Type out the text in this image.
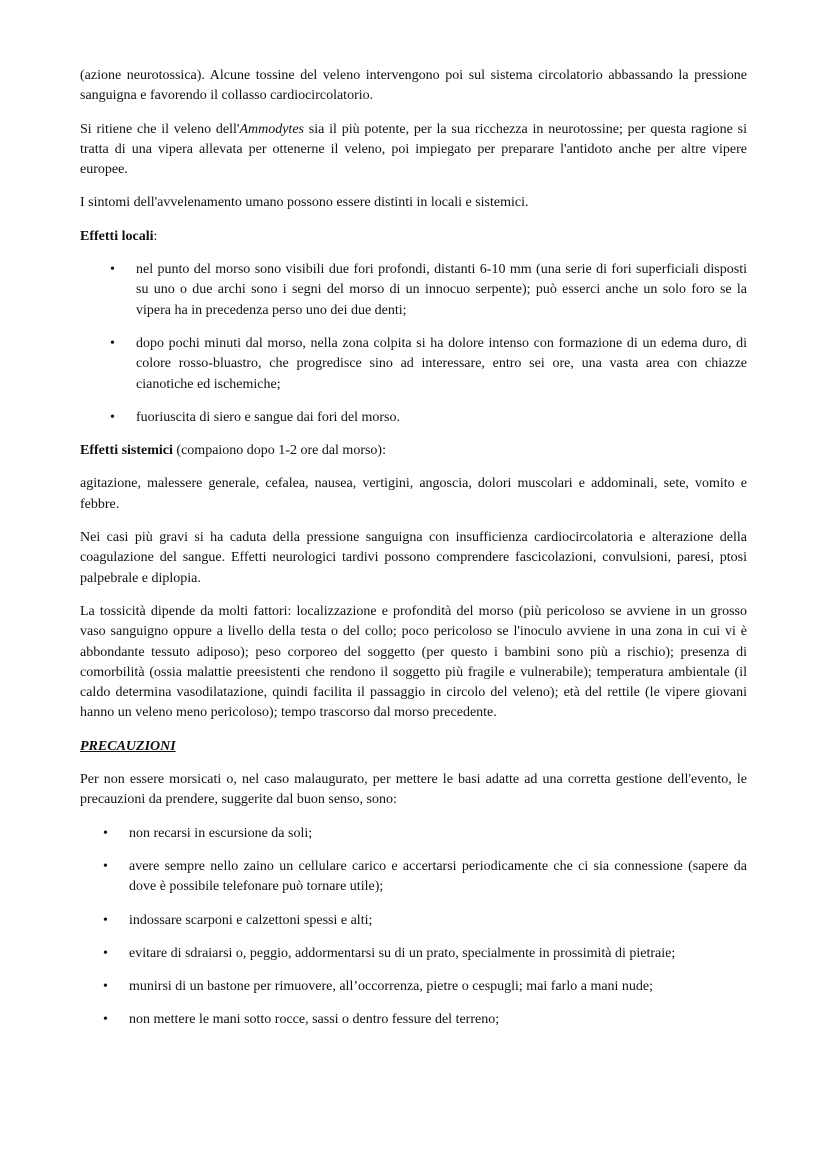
(azione neurotossica). Alcune tossine del veleno intervengono poi sul sistema circolatorio abbassando la pressione sanguigna e favorendo il collasso cardiocircolatorio.

Si ritiene che il veleno dell'Ammodytes sia il più potente, per la sua ricchezza in neurotossine; per questa ragione si tratta di una vipera allevata per ottenerne il veleno, poi impiegato per preparare l'antidoto anche per altre vipere europee.

I sintomi dell'avvelenamento umano possono essere distinti in locali e sistemici.

Effetti locali:

• nel punto del morso sono visibili due fori profondi, distanti 6-10 mm (una serie di fori superficiali disposti su uno o due archi sono i segni del morso di un innocuo serpente); può esserci anche un solo foro se la vipera ha in precedenza perso uno dei due denti;
• dopo pochi minuti dal morso, nella zona colpita si ha dolore intenso con formazione di un edema duro, di colore rosso-bluastro, che progredisce sino ad interessare, entro sei ore, una vasta area con chiazze cianotiche ed ischemiche;
• fuoriuscita di siero e sangue dai fori del morso.

Effetti sistemici (compaiono dopo 1-2 ore dal morso):

agitazione, malessere generale, cefalea, nausea, vertigini, angoscia, dolori muscolari e addominali, sete, vomito e febbre.

Nei casi più gravi si ha caduta della pressione sanguigna con insufficienza cardiocircolatoria e alterazione della coagulazione del sangue. Effetti neurologici tardivi possono comprendere fascicolazioni, convulsioni, paresi, ptosi palpebrale e diplopia.

La tossicità dipende da molti fattori: localizzazione e profondità del morso (più pericoloso se avviene in un grosso vaso sanguigno oppure a livello della testa o del collo; poco pericoloso se l'inoculo avviene in una zona in cui vi è abbondante tessuto adiposo); peso corporeo del soggetto (per questo i bambini sono più a rischio); presenza di comorbilità (ossia malattie preesistenti che rendono il soggetto più fragile e vulnerabile); temperatura ambientale (il caldo determina vasodilatazione, quindi facilita il passaggio in circolo del veleno); età del rettile (le vipere giovani hanno un veleno meno pericoloso); tempo trascorso dal morso precedente.

PRECAUZIONI

Per non essere morsicati o, nel caso malaugurato, per mettere le basi adatte ad una corretta gestione dell'evento, le precauzioni da prendere, suggerite dal buon senso, sono:

• non recarsi in escursione da soli;
• avere sempre nello zaino un cellulare carico e accertarsi periodicamente che ci sia connessione (sapere da dove è possibile telefonare può tornare utile);
• indossare scarponi e calzettoni spessi e alti;
• evitare di sdraiarsi o, peggio, addormentarsi su di un prato, specialmente in prossimità di pietraie;
• munirsi di un bastone per rimuovere, all’occorrenza, pietre o cespugli; mai farlo a mani nude;
• non mettere le mani sotto rocce, sassi o dentro fessure del terreno;
